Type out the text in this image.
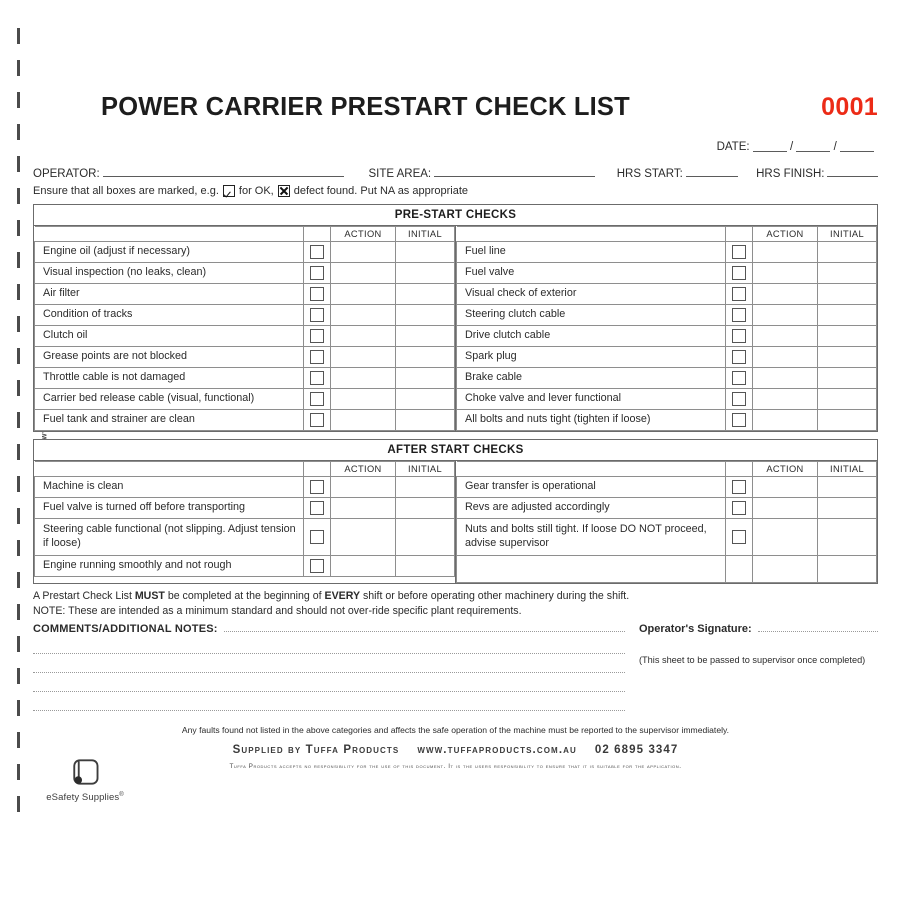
eSafety Supplies®
POWER CARRIER PRESTART CHECK LIST	0001
DATE:	/	/
OPERATOR:	SITE AREA:	HRS START:	HRS FINISH:
Ensure that all boxes are marked, e.g. for OK, ☒ defect found. Put NA as appropriate
PRE-START CHECKS
		ACTION	INITIAL
Engine oil (adjust if necessary)			
Visual inspection (no leaks, clean)			
Air filter			
Condition of tracks			
Clutch oil			
Grease points are not blocked			
Throttle cable is not damaged			
Carrier bed release cable (visual, functional)			
Fuel tank and strainer are clean			
		ACTION	INITIAL
Fuel line			
Fuel valve			
Visual check of exterior			
Steering clutch cable			
Drive clutch cable			
Spark plug			
Brake cable			
Choke valve and lever functional			
All bolts and nuts tight (tighten if loose)			
AFTER START CHECKS
		ACTION	INITIAL
Machine is clean			
Fuel valve is turned off before transporting			
Steering cable functional (not slipping. Adjust tension if loose)			
Engine running smoothly and not rough			
		ACTION	INITIAL
Gear transfer is operational			
Revs are adjusted accordingly			
Nuts and bolts still tight. If loose DO NOT proceed, advise supervisor			

A Prestart Check List MUST be completed at the beginning of EVERY shift or before operating other machinery during the shift.
NOTE: These are intended as a minimum standard and should not over-ride specific plant requirements.
COMMENTS/ADDITIONAL NOTES:	Operator's Signature:
(This sheet to be passed to supervisor once completed)
Any faults found not listed in the above categories and affects the safe operation of the machine must be reported to the supervisor immediately.
Supplied by Tuffa Products www.tuffaproducts.com.au 02 6895 3347
Tuffa Products accepts no responsibility for the use of this document. It is the users responsibility to ensure that it is suitable for the application.
